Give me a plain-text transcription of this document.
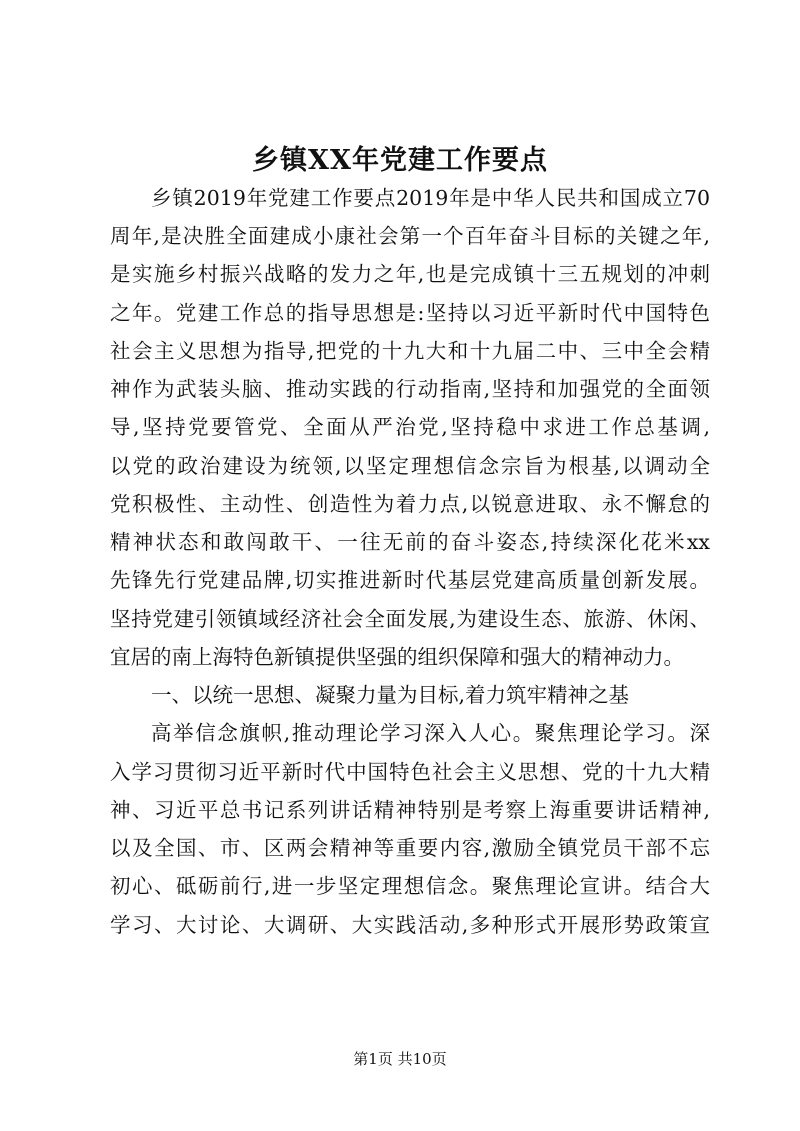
乡镇XX年党建工作要点
乡镇2019年党建工作要点2019年是中华人民共和国成立70
周年,是决胜全面建成小康社会第一个百年奋斗目标的关键之年,
是实施乡村振兴战略的发力之年,也是完成镇十三五规划的冲刺
之年。党建工作总的指导思想是:坚持以习近平新时代中国特色
社会主义思想为指导,把党的十九大和十九届二中、三中全会精
神作为武装头脑、推动实践的行动指南,坚持和加强党的全面领
导,坚持党要管党、全面从严治党,坚持稳中求进工作总基调,
以党的政治建设为统领,以坚定理想信念宗旨为根基,以调动全
党积极性、主动性、创造性为着力点,以锐意进取、永不懈怠的
精神状态和敢闯敢干、一往无前的奋斗姿态,持续深化花米xx
先锋先行党建品牌,切实推进新时代基层党建高质量创新发展。
坚持党建引领镇域经济社会全面发展,为建设生态、旅游、休闲、
宜居的南上海特色新镇提供坚强的组织保障和强大的精神动力。
一、以统一思想、凝聚力量为目标,着力筑牢精神之基
高举信念旗帜,推动理论学习深入人心。聚焦理论学习。深
入学习贯彻习近平新时代中国特色社会主义思想、党的十九大精
神、习近平总书记系列讲话精神特别是考察上海重要讲话精神,
以及全国、市、区两会精神等重要内容,激励全镇党员干部不忘
初心、砥砺前行,进一步坚定理想信念。聚焦理论宣讲。结合大
学习、大讨论、大调研、大实践活动,多种形式开展形势政策宣
第1页 共10页
